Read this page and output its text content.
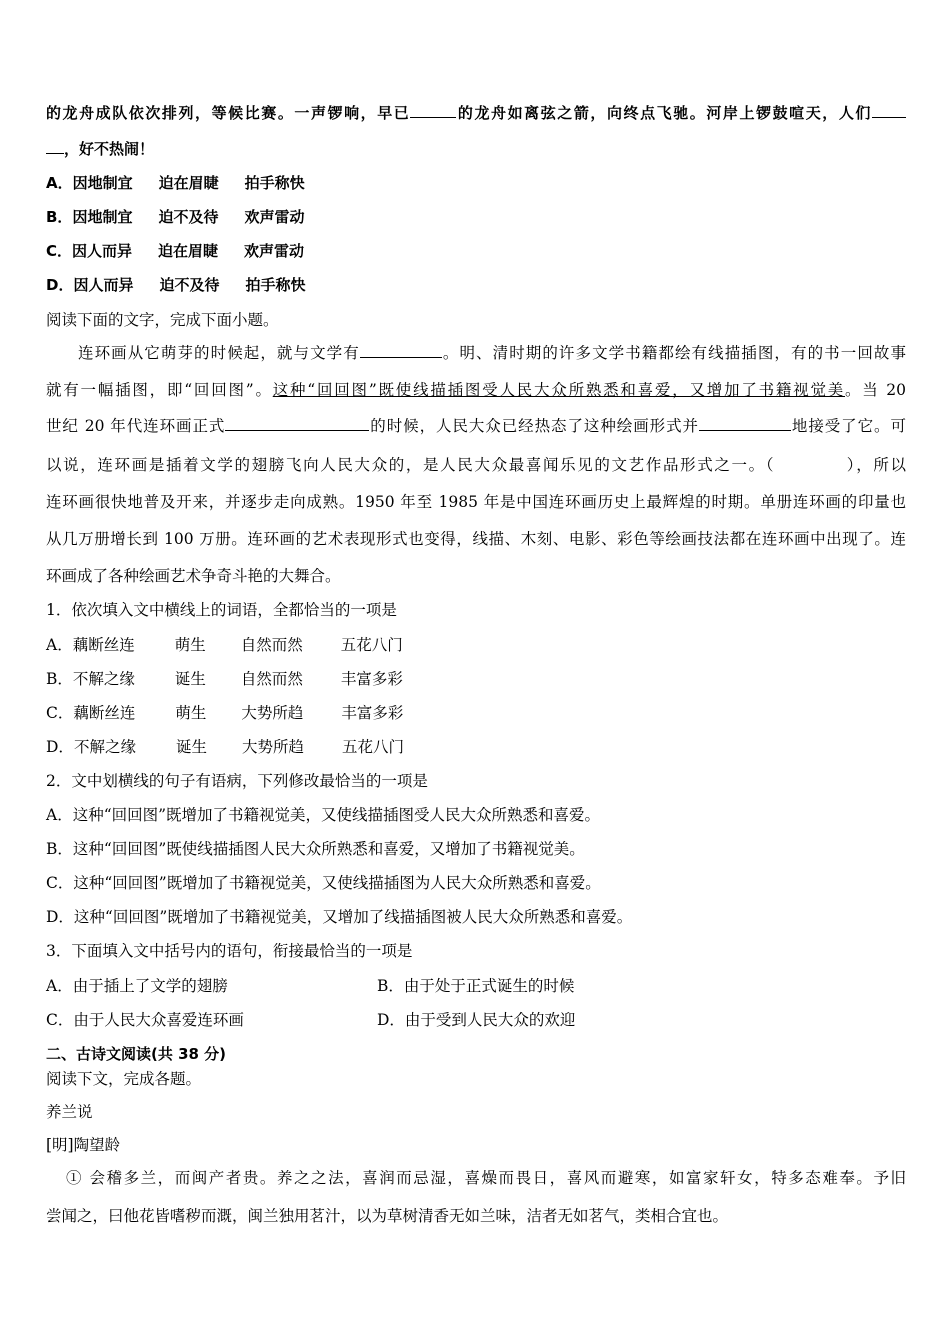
的龙舟成队依次排列，等候比赛。一声锣响，早已	的龙舟如离弦之箭，向终点飞驰。河岸上锣鼓喧天，人们
，好不热闹！
A．因地制宜 迫在眉睫 拍手称快
B．因地制宜 迫不及待 欢声雷动
C．因人而异 迫在眉睫 欢声雷动
D．因人而异 迫不及待 拍手称快
阅读下面的文字，完成下面小题。
连环画从它萌芽的时候起，就与文学有	。明、清时期的许多文学书籍都绘有线描插图，有的书一回故事
就有一幅插图，即“回回图”。这种“回回图”既使线描插图受人民大众所熟悉和喜爱，又增加了书籍视觉美。当 20
世纪 20 年代连环画正式	的时候，人民大众已经热态了这种绘画形式并	地接受了它。可
以说，连环画是插着文学的翅膀飞向人民大众的，是人民大众最喜闻乐见的文艺作品形式之一。（	），所以
连环画很快地普及开来，并逐步走向成熟。1950 年至 1985 年是中国连环画历史上最辉煌的时期。单册连环画的印量也
从几万册增长到 100 万册。连环画的艺术表现形式也变得，线描、木刻、电影、彩色等绘画技法都在连环画中出现了。连
环画成了各种绘画艺术争奇斗艳的大舞合。
1．依次填入文中横线上的词语，全都恰当的一项是
A．藕断丝连	萌生 自然而然 五花八门
B．不解之缘	诞生 自然而然 丰富多彩
C．藕断丝连	萌生 大势所趋 丰富多彩
D．不解之缘	诞生 大势所趋 五花八门
2．文中划横线的句子有语病，下列修改最恰当的一项是
A．这种“回回图”既增加了书籍视觉美，又使线描插图受人民大众所熟悉和喜爱。
B．这种“回回图”既使线描插图人民大众所熟悉和喜爱，又增加了书籍视觉美。
C．这种“回回图”既增加了书籍视觉美，又使线描插图为人民大众所熟悉和喜爱。
D．这种“回回图”既增加了书籍视觉美，又增加了线描插图被人民大众所熟悉和喜爱。
3．下面填入文中括号内的语句，衔接最恰当的一项是
A．由于插上了文学的翅膀	B．由于处于正式诞生的时候
C．由于人民大众喜爱连环画	D．由于受到人民大众的欢迎
二、古诗文阅读(共 38 分)
阅读下文，完成各题。
养兰说
[明]陶望龄
① 会稽多兰，而闽产者贵。养之之法，喜润而忌湿，喜燥而畏日，喜风而避寒，如富家轩女，特多态难奉。予旧
尝闻之，曰他花皆嗜秽而溉，闽兰独用茗汁，以为草树清香无如兰味，洁者无如茗气，类相合宜也。
